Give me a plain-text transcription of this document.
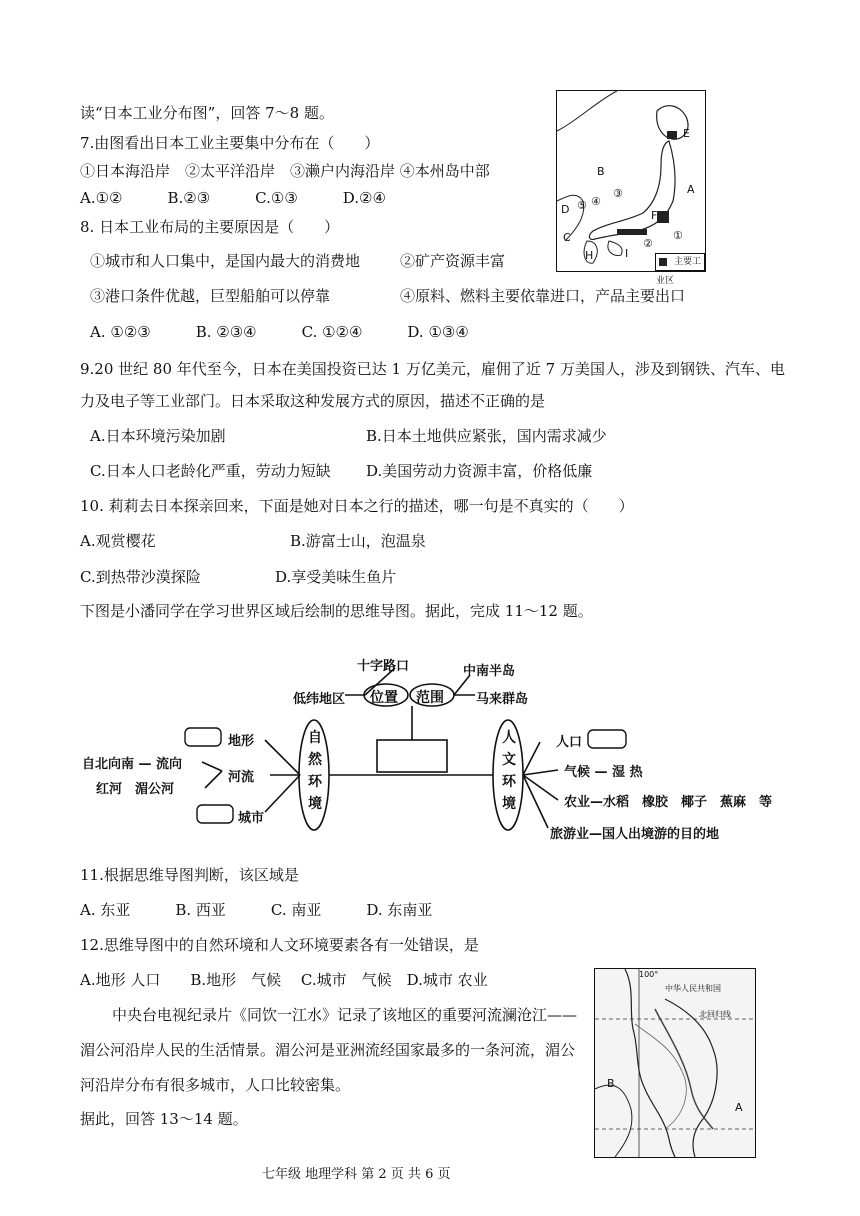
读“日本工业分布图”，回答 7～8 题。
7.由图看出日本工业主要集中分布在（　　）
①日本海沿岸　②太平洋沿岸　③濑户内海沿岸 ④本州岛中部
A.①②　　　B.②③　　　C.①③　　　D.②④
8. 日本工业布局的主要原因是（　　）
①城市和人口集中，是国内最大的消费地	②矿产资源丰富
③港口条件优越，巨型船舶可以停靠	④原料、燃料主要依靠进口，产品主要出口
A. ①②③　　　B. ②③④　　　C. ①②④　　　D. ①③④
9.20 世纪 80 年代至今，日本在美国投资已达 1 万亿美元，雇佣了近 7 万美国人，涉及到钢铁、汽车、电
力及电子等工业部门。日本采取这种发展方式的原因，描述不正确的是
A.日本环境污染加剧	B.日本土地供应紧张，国内需求减少
C.日本人口老龄化严重，劳动力短缺 D.美国劳动力资源丰富，价格低廉
10. 莉莉去日本探亲回来，下面是她对日本之行的描述，哪一句是不真实的（　　）
A.观赏樱花	B.游富士山，泡温泉
C.到热带沙漠探险	D.享受美味生鱼片
下图是小潘同学在学习世界区域后绘制的思维导图。据此，完成 11～12 题。
E
B
A
D
C
F
H	I
⑤ ④
③
②
①
$^{主要工业区}$
十字路口	中南半岛
低纬地区 位置 范围 马来群岛
自
然
环
境
人
文
环
境
地形
河流
城市
自北向南 — 流向
红河　湄公河
人口
气候 — 湿 热
农业—水稻　橡胶　椰子　蕉麻　等
旅游业—国人出境游的目的地
11.根据思维导图判断，该区域是
A. 东亚　　　B. 西亚　　　C. 南亚　　　D. 东南亚
12.思维导图中的自然环境和人文环境要素各有一处错误，是
A.地形 人口　　B.地形　气候　 C.城市　气候　D.城市 农业
中央台电视纪录片《同饮一江水》记录了该地区的重要河流澜沧江——
湄公河沿岸人民的生活情景。湄公河是亚洲流经国家最多的一条河流，湄公
河沿岸分布有很多城市，人口比较密集。
据此，回答 13～14 题。
100°
中华人民共和国
北回归线
B
A
七年级 地理学科 第 2 页 共 6 页
